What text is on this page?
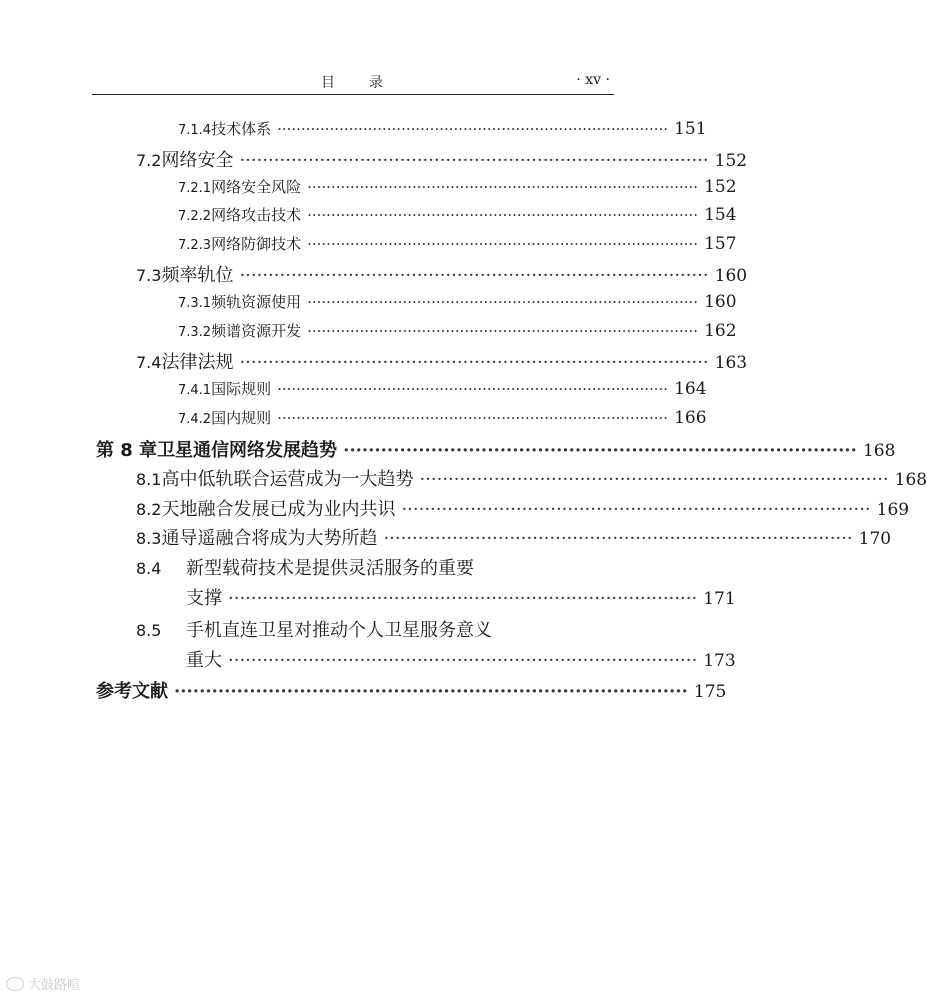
目　　录	· xv ·
7.1.4 技术体系 ·················································································· 151
7.2 网络安全 ·················································································· 152
7.2.1 网络安全风险 ·················································································· 152
7.2.2 网络攻击技术 ·················································································· 154
7.2.3 网络防御技术 ·················································································· 157
7.3 频率轨位 ·················································································· 160
7.3.1 频轨资源使用 ·················································································· 160
7.3.2 频谱资源开发 ·················································································· 162
7.4 法律法规 ·················································································· 163
7.4.1 国际规则 ·················································································· 164
7.4.2 国内规则 ·················································································· 166
第 8 章 卫星通信网络发展趋势 ·················································································· 168
8.1 高中低轨联合运营成为一大趋势 ·················································································· 168
8.2 天地融合发展已成为业内共识 ·················································································· 169
8.3 通导遥融合将成为大势所趋 ·················································································· 170
8.4	新型载荷技术是提供灵活服务的重要
支撑 ·················································································· 171
8.5	手机直连卫星对推动个人卫星服务意义
重大 ·················································································· 173
参考文献 ·················································································· 175
大鼓路喧
